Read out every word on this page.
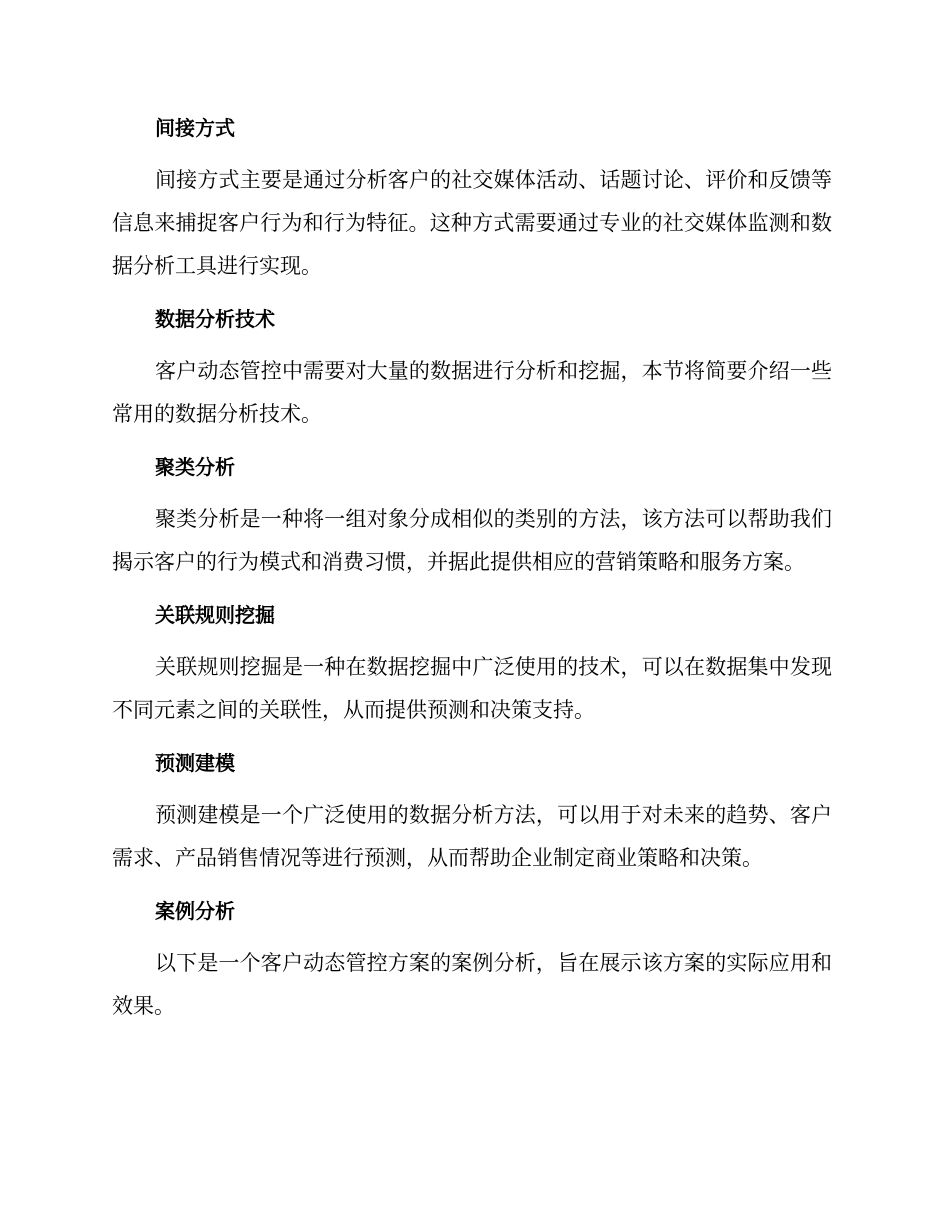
间接方式

间接方式主要是通过分析客户的社交媒体活动、话题讨论、评价和反馈等信息来捕捉客户行为和行为特征。这种方式需要通过专业的社交媒体监测和数据分析工具进行实现。

数据分析技术

客户动态管控中需要对大量的数据进行分析和挖掘，本节将简要介绍一些常用的数据分析技术。

聚类分析

聚类分析是一种将一组对象分成相似的类别的方法，该方法可以帮助我们揭示客户的行为模式和消费习惯，并据此提供相应的营销策略和服务方案。

关联规则挖掘

关联规则挖掘是一种在数据挖掘中广泛使用的技术，可以在数据集中发现不同元素之间的关联性，从而提供预测和决策支持。

预测建模

预测建模是一个广泛使用的数据分析方法，可以用于对未来的趋势、客户需求、产品销售情况等进行预测，从而帮助企业制定商业策略和决策。

案例分析

以下是一个客户动态管控方案的案例分析，旨在展示该方案的实际应用和效果。
